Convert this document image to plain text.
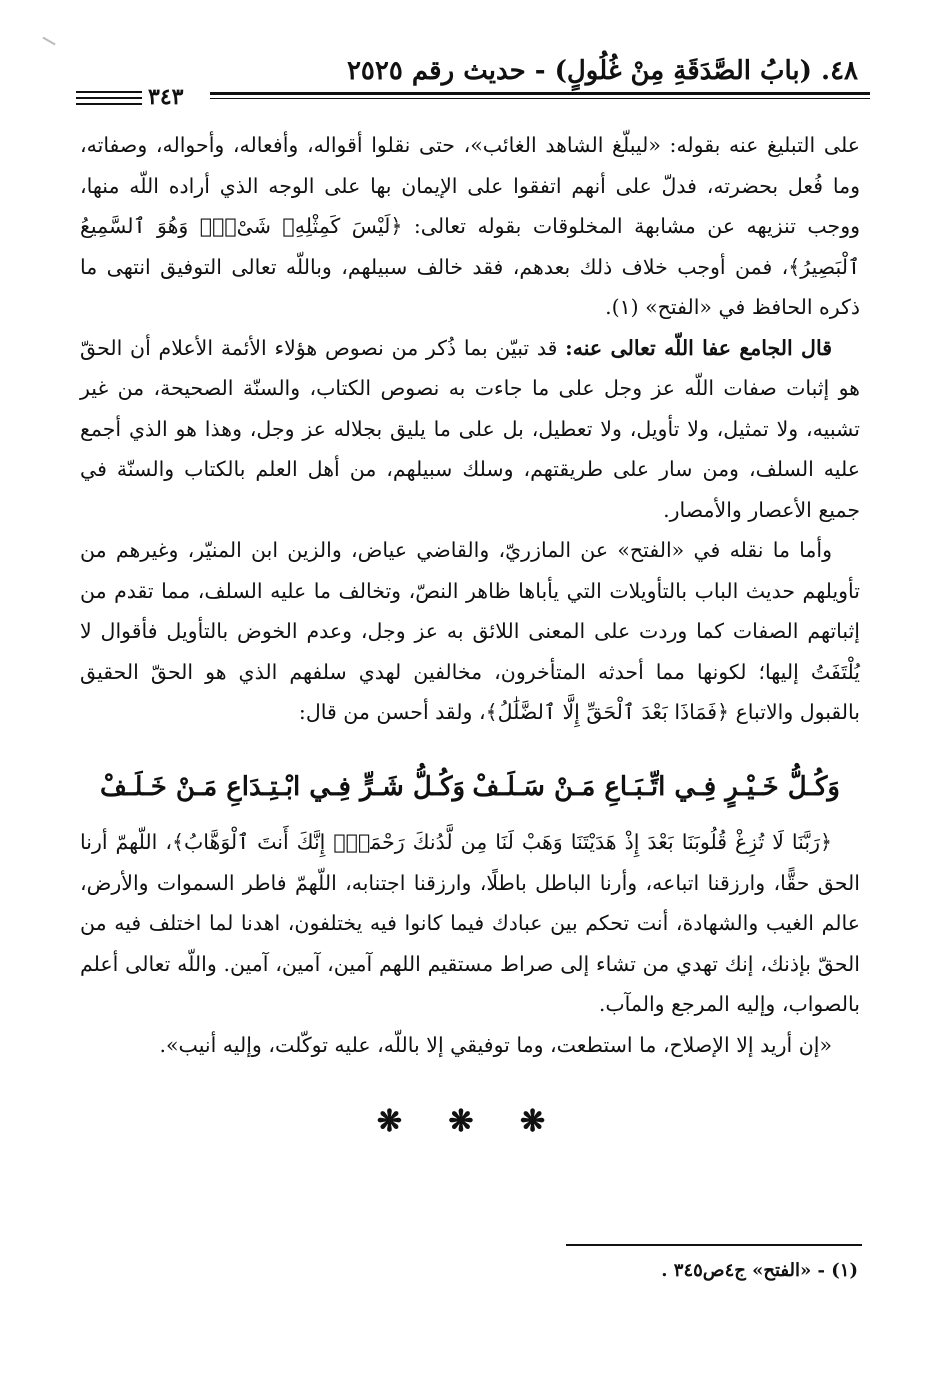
٤٨. (بابُ الصَّدَقَةِ مِنْ غُلُولٍ) - حديث رقم ٢٥٢٥
٣٤٣

على التبليغ عنه بقوله: «ليبلّغ الشاهد الغائب»، حتى نقلوا أقواله، وأفعاله، وأحواله، وصفاته، وما فُعل بحضرته، فدلّ على أنهم اتفقوا على الإيمان بها على الوجه الذي أراده اللّه منها، ووجب تنزيهه عن مشابهة المخلوقات بقوله تعالى: ﴿لَيْسَ كَمِثْلِهِۦ شَىْءٌۖ وَهُوَ ٱلسَّمِيعُ ٱلْبَصِيرُ﴾، فمن أوجب خلاف ذلك بعدهم، فقد خالف سبيلهم، وباللّه تعالى التوفيق انتهى ما ذكره الحافظ في «الفتح» (١).

قال الجامع عفا اللّه تعالى عنه: قد تبيّن بما ذُكر من نصوص هؤلاء الأئمة الأعلام أن الحقّ هو إثبات صفات اللّه عز وجل على ما جاءت به نصوص الكتاب، والسنّة الصحيحة، من غير تشبيه، ولا تمثيل، ولا تأويل، ولا تعطيل، بل على ما يليق بجلاله عز وجل، وهذا هو الذي أجمع عليه السلف، ومن سار على طريقتهم، وسلك سبيلهم، من أهل العلم بالكتاب والسنّة في جميع الأعصار والأمصار.

وأما ما نقله في «الفتح» عن المازريّ، والقاضي عياض، والزين ابن المنيّر، وغيرهم من تأويلهم حديث الباب بالتأويلات التي يأباها ظاهر النصّ، وتخالف ما عليه السلف، مما تقدم من إثباتهم الصفات كما وردت على المعنى اللائق به عز وجل، وعدم الخوض بالتأويل فأقوال لا يُلْتَفَتُ إليها؛ لكونها مما أحدثه المتأخرون، مخالفين لهدي سلفهم الذي هو الحقّ الحقيق بالقبول والاتباع ﴿فَمَاذَا بَعْدَ ٱلْحَقِّ إِلَّا ٱلضَّلَٰلُ﴾، ولقد أحسن من قال:

وَكُـلُّ خَـيْـرٍ فِـي اتِّـبَـاعِ مَـنْ سَـلَـفْ
وَكُـلُّ شَـرٍّ فِـي ابْـتِـدَاعِ مَـنْ خَـلَـفْ

﴿رَبَّنَا لَا تُزِغْ قُلُوبَنَا بَعْدَ إِذْ هَدَيْتَنَا وَهَبْ لَنَا مِن لَّدُنكَ رَحْمَةًۚ إِنَّكَ أَنتَ ٱلْوَهَّابُ﴾، اللّهمّ أرنا الحق حقًّا، وارزقنا اتباعه، وأرنا الباطل باطلًا، وارزقنا اجتنابه، اللّهمّ فاطر السموات والأرض، عالم الغيب والشهادة، أنت تحكم بين عبادك فيما كانوا فيه يختلفون، اهدنا لما اختلف فيه من الحقّ بإذنك، إنك تهدي من تشاء إلى صراط مستقيم اللهم آمين، آمين، آمين. واللّه تعالى أعلم بالصواب، وإليه المرجع والمآب.

«إن أريد إلا الإصلاح، ما استطعت، وما توفيقي إلا باللّه، عليه توكّلت، وإليه أنيب».

❋ ❋ ❋
(١) - «الفتح» ج٤ص٣٤٥ .
